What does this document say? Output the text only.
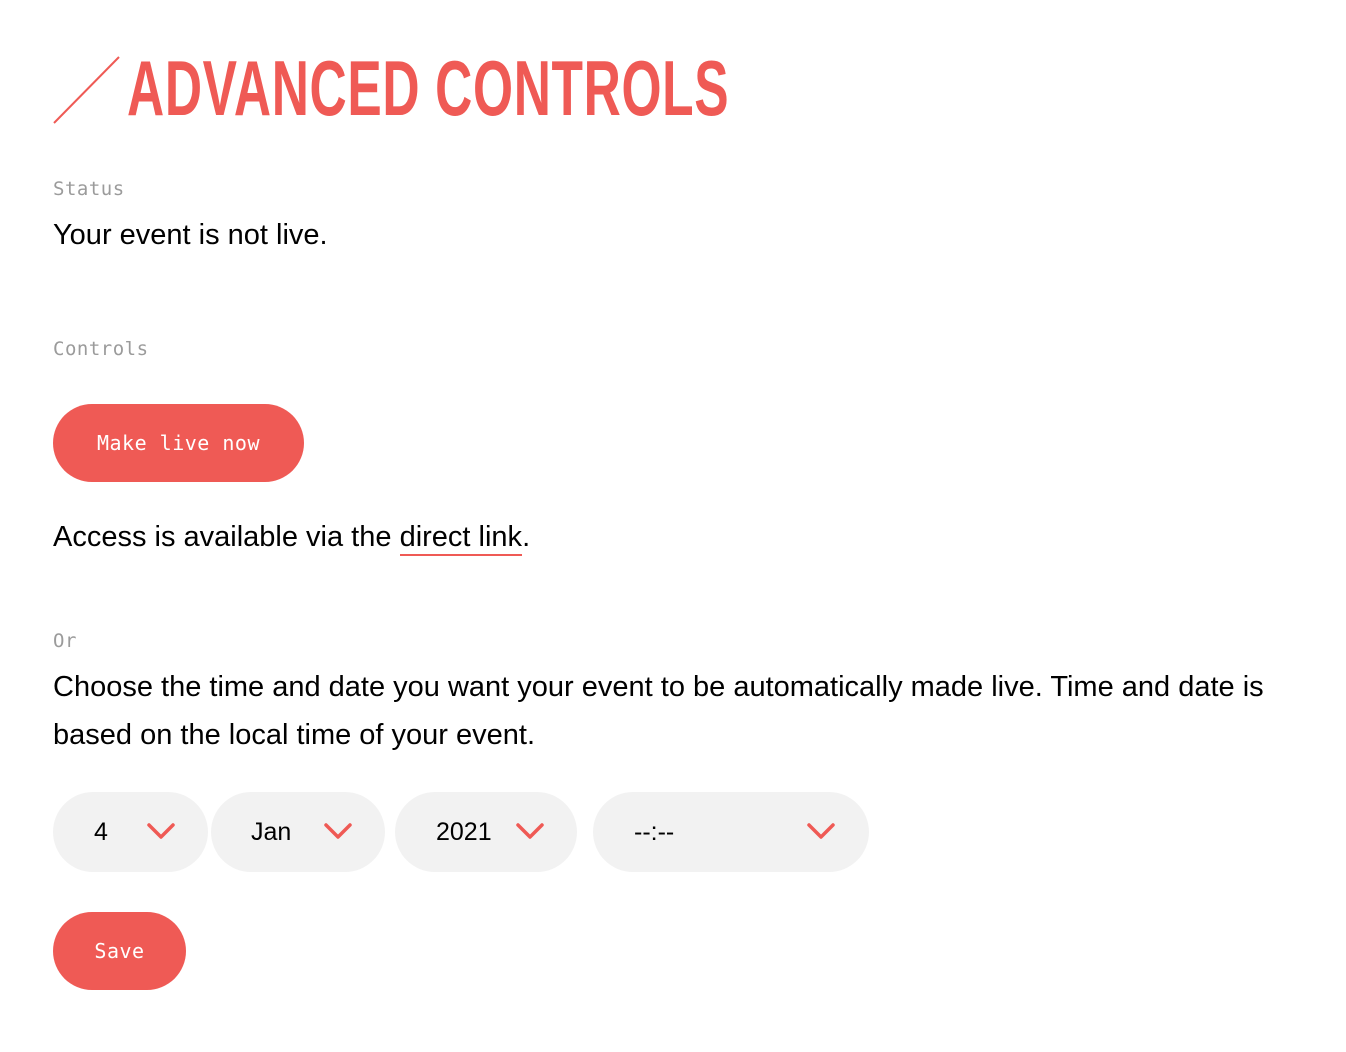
ADVANCED CONTROLS
Status
Your event is not live.
Controls
Make live now
Access is available via the direct link.
Or
Choose the time and date you want your event to be automatically made live. Time and date is based on the local time of your event.
4	Jan	2021	--:--
Save
